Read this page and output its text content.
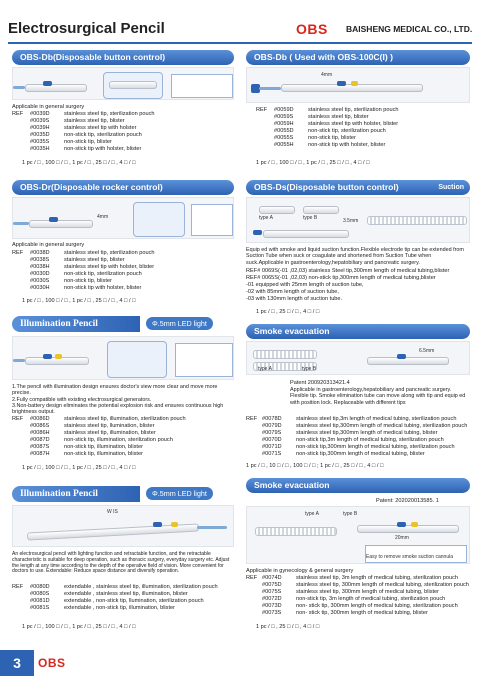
Electrosurgical Pencil	OBS BAISHENG MEDICAL CO., LTD.
OBS-Db(Disposable button control)
Applicable in general surgery
REF #0039D	stainless steel tip, sterilization pouch
#0039S	stainless steel tip, blister
#0039H	stainless steel tip with holster
#0035D	non-stick tip, sterilization pouch
#0035S	non-stick tip, blister
#0035H	non-stick tip with holster, blister
1 pc / □ , 100 □ / □ , 1 pc / □ , 25 □ / □ , 4 □ / □
OBS-Dr(Disposable rocker control)
4mm
Applicable in general surgery
REF #0038D	stainless steel tip, sterilization pouch
#0038S	stainless steel tip, blister
#0038H	stainless steel tip with holster, blister
#0030D	non-stick tip, sterilization pouch
#0030S	non-stick tip, blister
#0030H	non-stick tip with holster, blister
1 pc / □ , 100 □ / □ , 1 pc / □ , 25 □ / □ , 4 □ / □
Illumination Pencil	Φ.5mm LED light
1.The pencil with illumination design ensures doctor's view more clear and move more precise.
2.Fully compatible with existing electrosurgical generators.
3.Non-battery design eliminates the potential explosion risk and ensures continuous high brightness output.
REF #0086D	stainless steel tip, illumination, sterilization pouch
#0086S	stainless steel tip, llumination, blister
#0086H	stainless steel tip, illumination, blister
#0087D	non-stick tip, illumination, sterilization pouch
#0087S	non-stick tip, illumination, blister
#0087H	non-stick tip, illumination, blister
1 pc / □ , 100 □ / □ , 1 pc / □ , 25 □ / □ , 4 □ / □
Illumination Pencil	Φ.5mm LED light
W IS
An electrosurgical pencil with lighting function and retractable function, and the retractable characteristic is suitable for deep operation, such as thoracic surgery, everyday surgery etc. Adjust the length at any time according to the depth of the operative field of vision. More convenient for doctors to use. Extendable: Reduce space distance and diversify operation.
REF #0080D	extendable , stainless steel tip, illumination, sterilization pouch
#0080S	extendable , stainless steel tip, illumination, blister
#0081D	extendable , non-stick tip, llumination, sterilization pouch
#0081S	extendable , non-stick tip, illumination, blister
1 pc / □ , 100 □ / □ , 1 pc / □ , 25 □ / □ , 4 □ / □
OBS-Db ( Used with OBS-100C(I) )
4mm
REF #0059D	stainless steel tip, sterilization pouch
#0059S	stainless steel tip, blister
#0059H	stainless steel tip with holster, blister
#0055D	non-stick tip, sterilization pouch
#0055S	non-stick tip, blister
#0055H	non-stick tip with holster, blister
1 pc / □ , 100 □ / □ , 1 pc / □ , 25 □ / □ , 4 □ / □
OBS-Ds(Disposable button control)	Suction
type A	type B	3.5mm
Equip ed with smoke and liquid suction function.Flexible electrode tip can be extended from Suction Tube when suck or coagulate and shortened from Suction Tube when suck.Applicable in gastroenterology,hepatobiliary and pancreatic surgery.
REF# 0069S(-01 ,02,03) stainless Steel tip,300mm length of medical tubing,blister
REF# 0065S(-01 ,02,03) non-stick tip,300mm length of medical tubing,blister
-01 equipped with 25mm length of suction tube,
-02 with 85mm length of suction tube,
-03 with 130mm length of suction tube.
1 pc / □ , 25 □ / □ , 4 □ / □
Smoke evacuation
6.5mm
type A	type B
Patent 200920313421.4
Applicable in gastroenterology,hepatobiliary and pancreatic surgery. Flexible tip. Smoke elimination tube can move along with tip and equip ed with position lock. Replaceable with different tips
REF #0078D	stainless steel tip,3m length of medical tubing, sterilization pouch
#0079D	stainless steel tip,300mm length of medical tubing, sterilization pouch
#0079S	stainless steel tip,300mm length of medical tubing, blister
#0070D	non-stick tip,3m length of medical tubing, sterilization pouch
#0071D	non-stick tip,300mm length of medical tubing, sterilization pouch
#0071S	non-stick tip,300mm length of medical tubing, blister
1 pc / □ , 10 □ / □ , 100 □ / □ ; 1 pc / □ , 25 □ / □ , 4 □ / □
Smoke evacuation
Patent: 202020013585. 1
type A	type B
20mm
Easy to remove smoke suction cannula
Applicable in gynecology & general surgery
REF #0074D	stainless steel tip, 3m length of medical tubing, sterilization pouch
#0075D	stainless steel tip, 300mm length of medical tubing, sterilization pouch
#0075S	stainless steel tip, 300mm length of medical tubing, blister
#0072D	non-stick tip, 3m length of medical tubing, sterilization pouch
#0073D	non- stick tip, 300mm length of medical tubing, sterilization pouch
#0073S	non- stick tip, 300mm length of medical tubing, blister
1 pc / □ , 25 □ / □ , 4 □ / □
3	OBS
